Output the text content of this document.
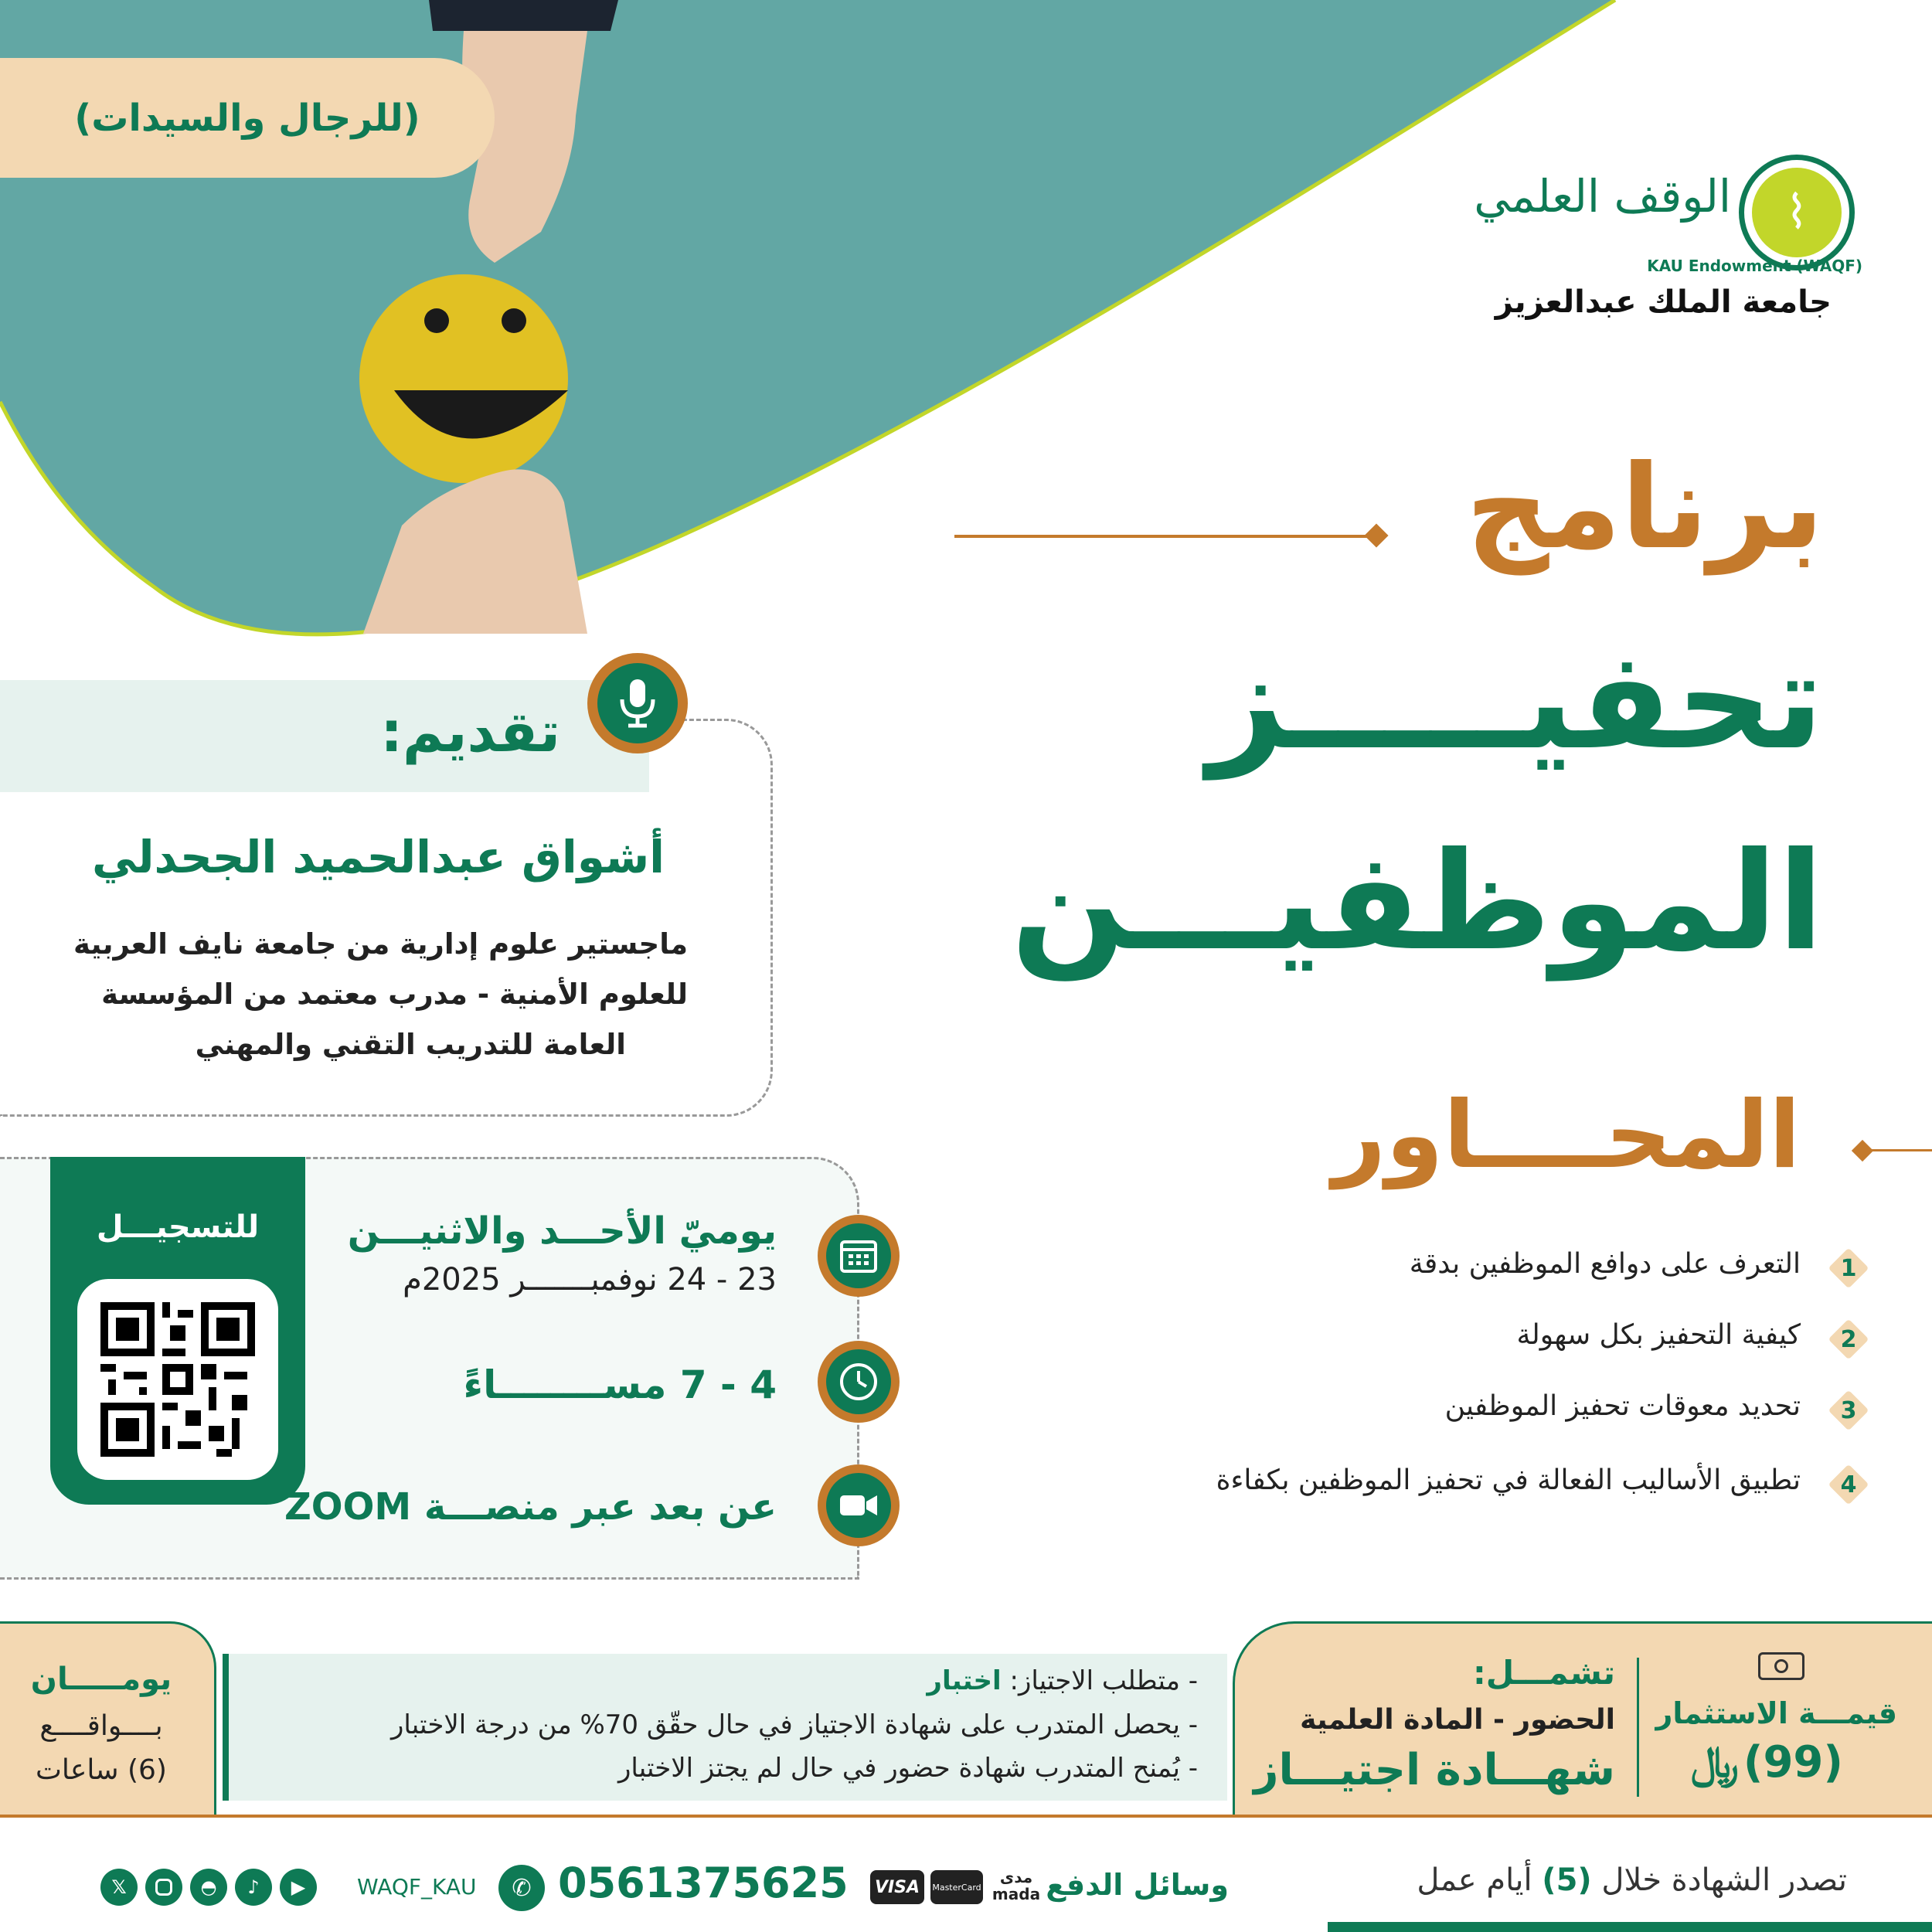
(للرجال والسيدات)
⌇
الوقف العلمي
KAU Endowment (WAQF)
جامعة الملك عبدالعزيز
برنامج
تحفيـــــز
الموظفيـــن
تقديم:
أشواق عبدالحميد الجحدلي
ماجستير علوم إدارية من جامعة نايف العربية
للعلوم الأمنية - مدرب معتمد من المؤسسة
العامة للتدريب التقني والمهني
للتسجيـــل	يوميّ الأحـــد والاثنيـــن
23 - 24 نوفمبـــــــر 2025م
4 - 7 مســــــــاءً
عن بعد عبر منصـــة ZOOM
المحــــاور
1
التعرف على دوافع الموظفين بدقة
2
كيفية التحفيز بكل سهولة
3
تحديد معوقات تحفيز الموظفين
4
تطبيق الأساليب الفعالة في تحفيز الموظفين بكفاءة
قيمـــة الاستثمار
(99)
﷼
تشمـــل:
الحضور - المادة العلمية
شهـــادة اجتيـــاز
- متطلب الاجتياز: اختبار
- يحصل المتدرب على شهادة الاجتياز في حال حقّق 70% من درجة الاختبار
- يُمنح المتدرب شهادة حضور في حال لم يجتز الاختبار
يومـــــان
بــــواقــــع
(6) ساعات
تصدر الشهادة خلال (5) أيام عمل
وسائل الدفع
مدى mada
MasterCard
VISA
0561375625
✆
WAQF_KAU
𝕏	◓	♪	▶
